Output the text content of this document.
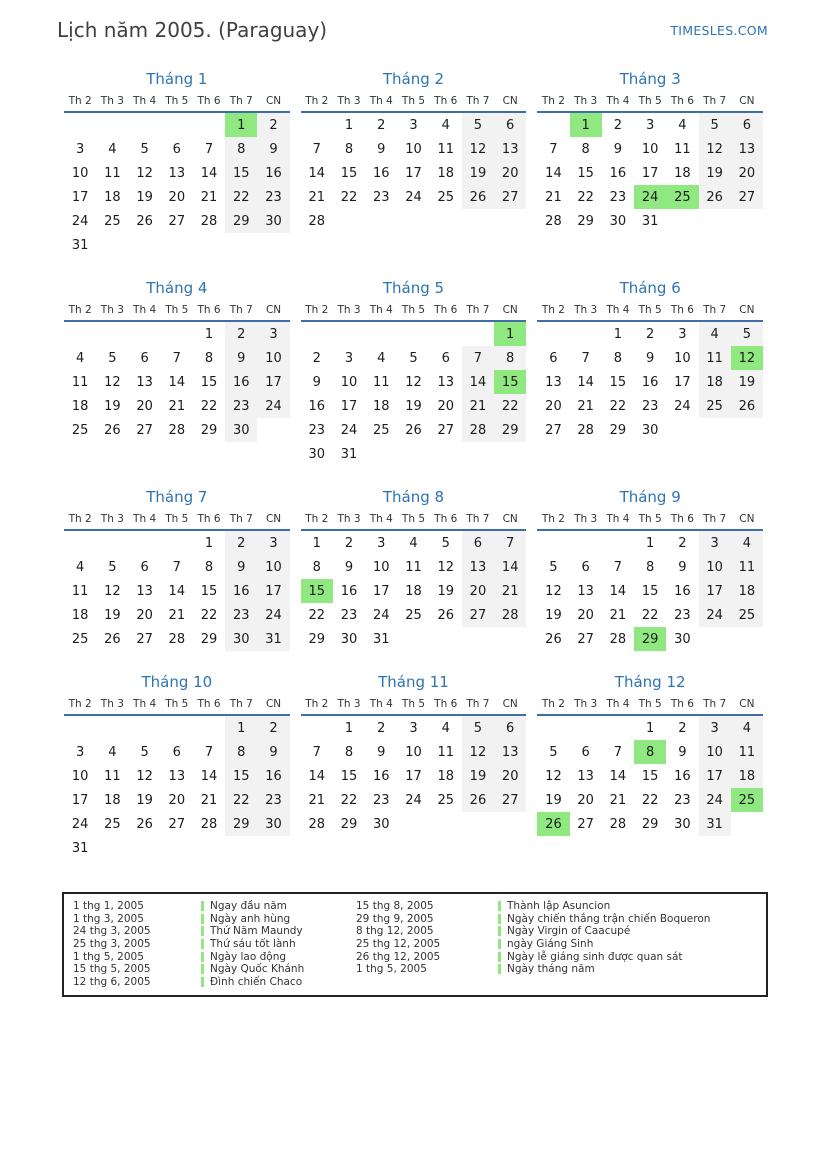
Lịch năm 2005. (Paraguay)	TIMESLES.COM
Tháng 1
Th 2	Th 3	Th 4	Th 5	Th 6	Th 7	CN
					1	2
3	4	5	6	7	8	9
10	11	12	13	14	15	16
17	18	19	20	21	22	23
24	25	26	27	28	29	30
31						
Tháng 2
Th 2	Th 3	Th 4	Th 5	Th 6	Th 7	CN
	1	2	3	4	5	6
7	8	9	10	11	12	13
14	15	16	17	18	19	20
21	22	23	24	25	26	27
28						
Tháng 3
Th 2	Th 3	Th 4	Th 5	Th 6	Th 7	CN
	1	2	3	4	5	6
7	8	9	10	11	12	13
14	15	16	17	18	19	20
21	22	23	24	25	26	27
28	29	30	31			
Tháng 4
Th 2	Th 3	Th 4	Th 5	Th 6	Th 7	CN
				1	2	3
4	5	6	7	8	9	10
11	12	13	14	15	16	17
18	19	20	21	22	23	24
25	26	27	28	29	30	
Tháng 5
Th 2	Th 3	Th 4	Th 5	Th 6	Th 7	CN
						1
2	3	4	5	6	7	8
9	10	11	12	13	14	15
16	17	18	19	20	21	22
23	24	25	26	27	28	29
30	31					
Tháng 6
Th 2	Th 3	Th 4	Th 5	Th 6	Th 7	CN
		1	2	3	4	5
6	7	8	9	10	11	12
13	14	15	16	17	18	19
20	21	22	23	24	25	26
27	28	29	30			
Tháng 7
Th 2	Th 3	Th 4	Th 5	Th 6	Th 7	CN
				1	2	3
4	5	6	7	8	9	10
11	12	13	14	15	16	17
18	19	20	21	22	23	24
25	26	27	28	29	30	31
Tháng 8
Th 2	Th 3	Th 4	Th 5	Th 6	Th 7	CN
1	2	3	4	5	6	7
8	9	10	11	12	13	14
15	16	17	18	19	20	21
22	23	24	25	26	27	28
29	30	31				
Tháng 9
Th 2	Th 3	Th 4	Th 5	Th 6	Th 7	CN
			1	2	3	4
5	6	7	8	9	10	11
12	13	14	15	16	17	18
19	20	21	22	23	24	25
26	27	28	29	30		
Tháng 10
Th 2	Th 3	Th 4	Th 5	Th 6	Th 7	CN
					1	2
3	4	5	6	7	8	9
10	11	12	13	14	15	16
17	18	19	20	21	22	23
24	25	26	27	28	29	30
31						
Tháng 11
Th 2	Th 3	Th 4	Th 5	Th 6	Th 7	CN
	1	2	3	4	5	6
7	8	9	10	11	12	13
14	15	16	17	18	19	20
21	22	23	24	25	26	27
28	29	30				
Tháng 12
Th 2	Th 3	Th 4	Th 5	Th 6	Th 7	CN
			1	2	3	4
5	6	7	8	9	10	11
12	13	14	15	16	17	18
19	20	21	22	23	24	25
26	27	28	29	30	31	
1 thg 1, 2005	Ngay đầu năm
1 thg 3, 2005	Ngày anh hùng
24 thg 3, 2005	Thứ Năm Maundy
25 thg 3, 2005	Thứ sáu tốt lành
1 thg 5, 2005	Ngày lao động
15 thg 5, 2005	Ngày Quốc Khánh
12 thg 6, 2005	Đình chiến Chaco
15 thg 8, 2005	Thành lập Asuncion
29 thg 9, 2005	Ngày chiến thắng trận chiến Boqueron
8 thg 12, 2005	Ngày Virgin of Caacupé
25 thg 12, 2005	ngày Giáng Sinh
26 thg 12, 2005	Ngày lễ giáng sinh được quan sát
1 thg 5, 2005	Ngày tháng năm
